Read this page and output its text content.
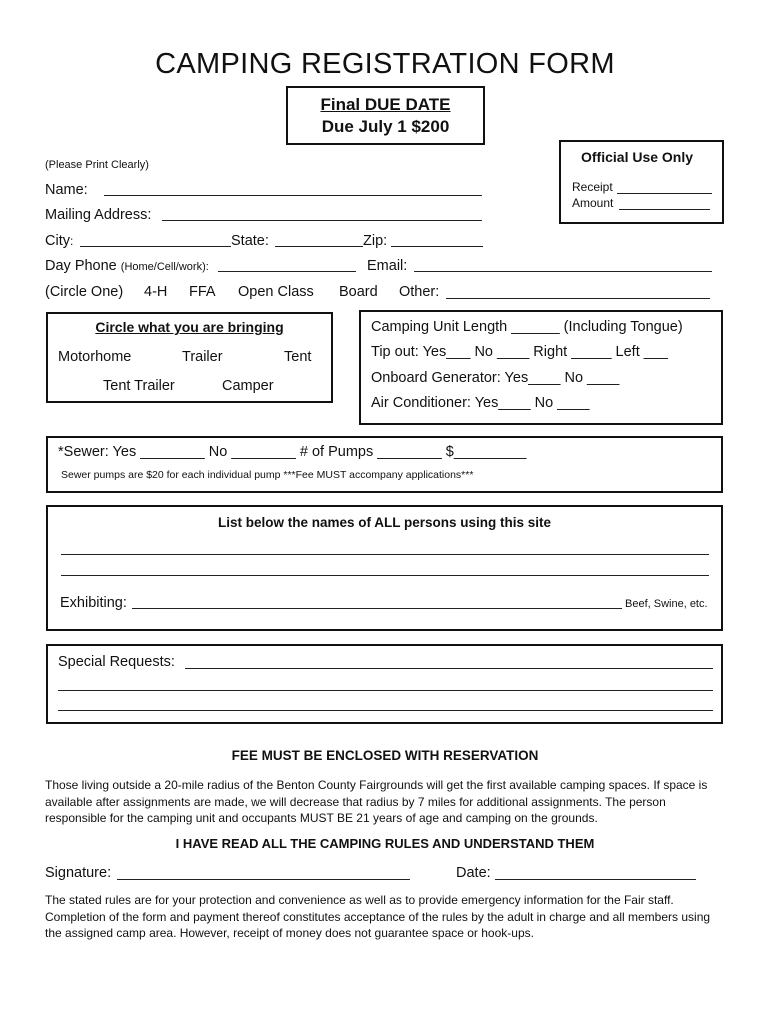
CAMPING REGISTRATION FORM
Final DUE DATE
Due July 1 $200
Official Use Only
Receipt
Amount
(Please Print Clearly)
Name:
Mailing Address:
City:	State:	Zip:
Day Phone (Home/Cell/work):	Email:
(Circle One) 4-H FFA Open Class Board Other:
Circle what you are bringing
Motorhome	Trailer	Tent
Tent Trailer	Camper
Camping Unit Length ______ (Including Tongue)
Tip out: Yes___ No ____ Right _____ Left ___
Onboard Generator: Yes____ No ____
Air Conditioner: Yes____ No ____
*Sewer: Yes ________ No ________ # of Pumps ________ $_________
Sewer pumps are $20 for each individual pump ***Fee MUST accompany applications***
List below the names of ALL persons using this site
Exhibiting:	Beef, Swine, etc.
Special Requests:
FEE MUST BE ENCLOSED WITH RESERVATION
Those living outside a 20-mile radius of the Benton County Fairgrounds will get the first available camping spaces. If space is available after assignments are made, we will decrease that radius by 7 miles for additional assignments. The person responsible for the camping unit and occupants MUST BE 21 years of age and camping on the grounds.
I HAVE READ ALL THE CAMPING RULES AND UNDERSTAND THEM
Signature:	Date:
The stated rules are for your protection and convenience as well as to provide emergency information for the Fair staff. Completion of the form and payment thereof constitutes acceptance of the rules by the adult in charge and all members using the assigned camp area. However, receipt of money does not guarantee space or hook-ups.
